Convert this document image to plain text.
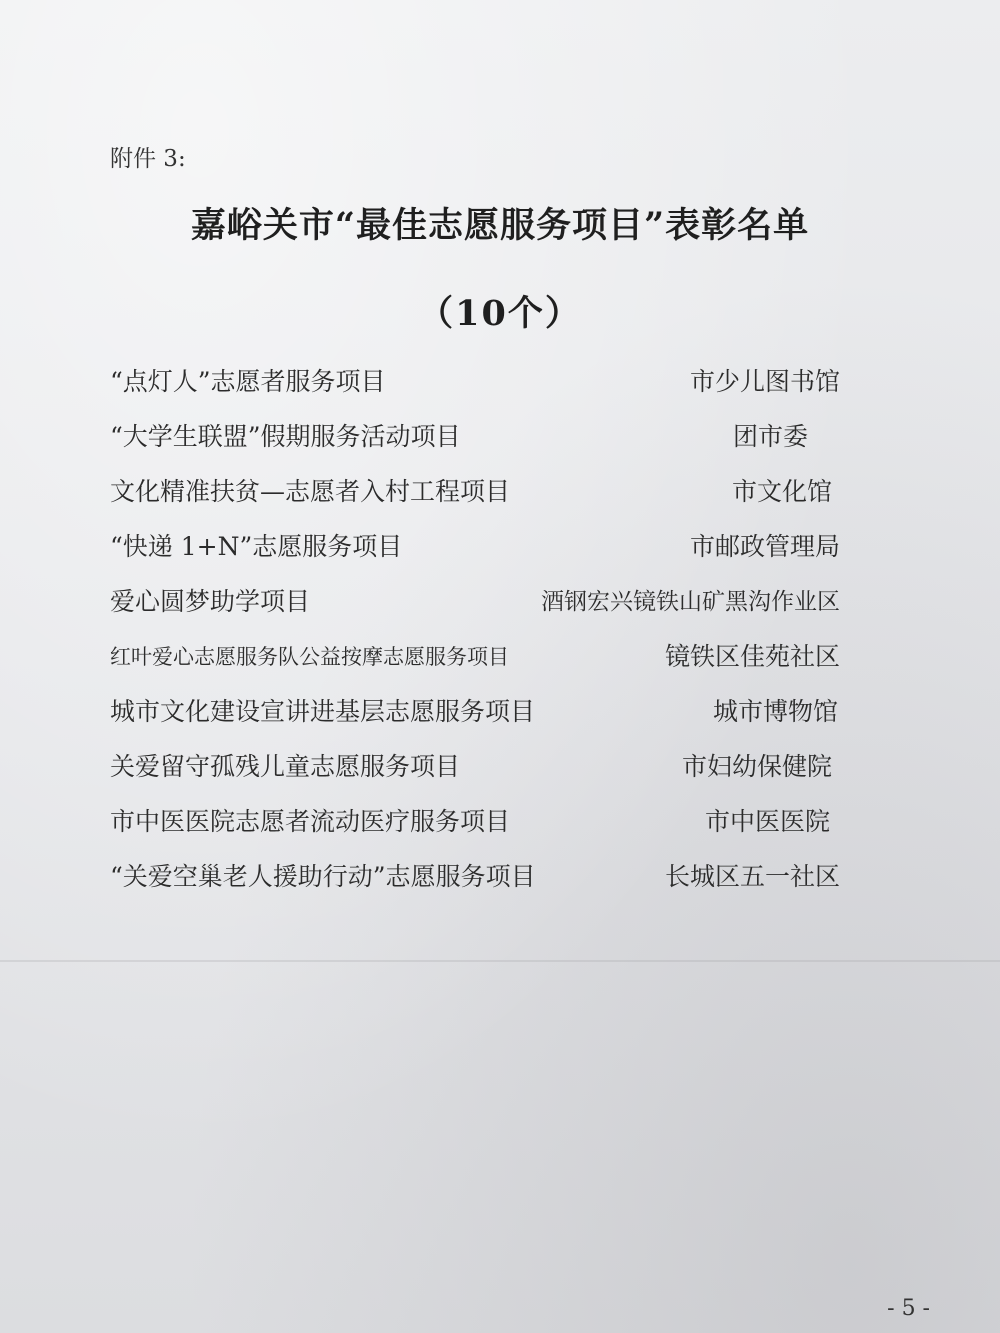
附件 3:
嘉峪关市“最佳志愿服务项目”表彰名单
（10个）
“点灯人”志愿者服务项目	市少儿图书馆
“大学生联盟”假期服务活动项目	团市委
文化精准扶贫—志愿者入村工程项目	市文化馆
“快递 1+N”志愿服务项目	市邮政管理局
爱心圆梦助学项目	酒钢宏兴镜铁山矿黑沟作业区
红叶爱心志愿服务队公益按摩志愿服务项目	镜铁区佳苑社区
城市文化建设宣讲进基层志愿服务项目	城市博物馆
关爱留守孤残儿童志愿服务项目	市妇幼保健院
市中医医院志愿者流动医疗服务项目	市中医医院
“关爱空巢老人援助行动”志愿服务项目	长城区五一社区
- 5 -
